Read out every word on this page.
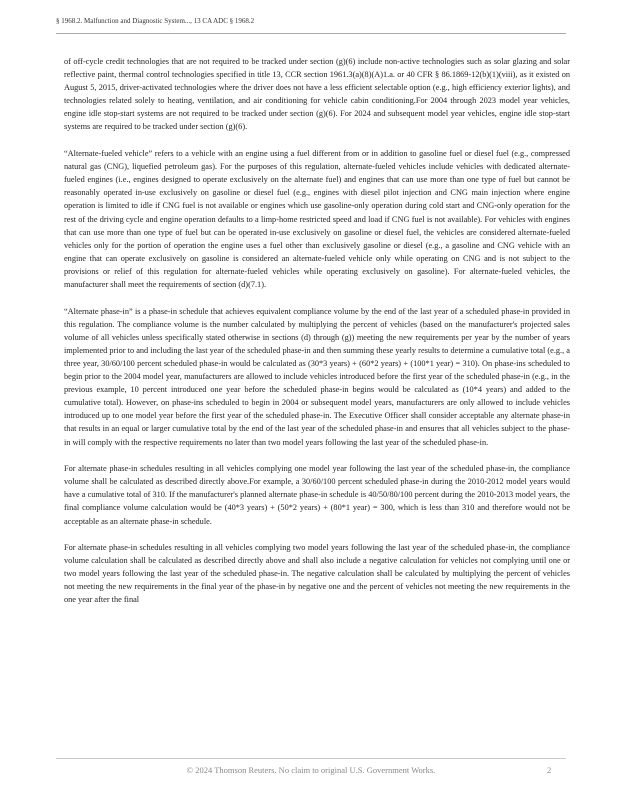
§ 1968.2. Malfunction and Diagnostic System..., 13 CA ADC § 1968.2

of off-cycle credit technologies that are not required to be tracked under section (g)(6) include non-active technologies such as solar glazing and solar reflective paint, thermal control technologies specified in title 13, CCR section 1961.3(a)(8)(A)1.a. or 40 CFR § 86.1869-12(b)(1)(viii), as it existed on August 5, 2015, driver-activated technologies where the driver does not have a less efficient selectable option (e.g., high efficiency exterior lights), and technologies related solely to heating, ventilation, and air conditioning for vehicle cabin conditioning.For 2004 through 2023 model year vehicles, engine idle stop-start systems are not required to be tracked under section (g)(6). For 2024 and subsequent model year vehicles, engine idle stop-start systems are required to be tracked under section (g)(6).

“Alternate-fueled vehicle” refers to a vehicle with an engine using a fuel different from or in addition to gasoline fuel or diesel fuel (e.g., compressed natural gas (CNG), liquefied petroleum gas). For the purposes of this regulation, alternate-fueled vehicles include vehicles with dedicated alternate-fueled engines (i.e., engines designed to operate exclusively on the alternate fuel) and engines that can use more than one type of fuel but cannot be reasonably operated in-use exclusively on gasoline or diesel fuel (e.g., engines with diesel pilot injection and CNG main injection where engine operation is limited to idle if CNG fuel is not available or engines which use gasoline-only operation during cold start and CNG-only operation for the rest of the driving cycle and engine operation defaults to a limp-home restricted speed and load if CNG fuel is not available). For vehicles with engines that can use more than one type of fuel but can be operated in-use exclusively on gasoline or diesel fuel, the vehicles are considered alternate-fueled vehicles only for the portion of operation the engine uses a fuel other than exclusively gasoline or diesel (e.g., a gasoline and CNG vehicle with an engine that can operate exclusively on gasoline is considered an alternate-fueled vehicle only while operating on CNG and is not subject to the provisions or relief of this regulation for alternate-fueled vehicles while operating exclusively on gasoline). For alternate-fueled vehicles, the manufacturer shall meet the requirements of section (d)(7.1).

“Alternate phase-in” is a phase-in schedule that achieves equivalent compliance volume by the end of the last year of a scheduled phase-in provided in this regulation. The compliance volume is the number calculated by multiplying the percent of vehicles (based on the manufacturer's projected sales volume of all vehicles unless specifically stated otherwise in sections (d) through (g)) meeting the new requirements per year by the number of years implemented prior to and including the last year of the scheduled phase-in and then summing these yearly results to determine a cumulative total (e.g., a three year, 30/60/100 percent scheduled phase-in would be calculated as (30*3 years) + (60*2 years) + (100*1 year) = 310). On phase-ins scheduled to begin prior to the 2004 model year, manufacturers are allowed to include vehicles introduced before the first year of the scheduled phase-in (e.g., in the previous example, 10 percent introduced one year before the scheduled phase-in begins would be calculated as (10*4 years) and added to the cumulative total). However, on phase-ins scheduled to begin in 2004 or subsequent model years, manufacturers are only allowed to include vehicles introduced up to one model year before the first year of the scheduled phase-in. The Executive Officer shall consider acceptable any alternate phase-in that results in an equal or larger cumulative total by the end of the last year of the scheduled phase-in and ensures that all vehicles subject to the phase-in will comply with the respective requirements no later than two model years following the last year of the scheduled phase-in.

For alternate phase-in schedules resulting in all vehicles complying one model year following the last year of the scheduled phase-in, the compliance volume shall be calculated as described directly above.For example, a 30/60/100 percent scheduled phase-in during the 2010-2012 model years would have a cumulative total of 310. If the manufacturer's planned alternate phase-in schedule is 40/50/80/100 percent during the 2010-2013 model years, the final compliance volume calculation would be (40*3 years) + (50*2 years) + (80*1 year) = 300, which is less than 310 and therefore would not be acceptable as an alternate phase-in schedule.

For alternate phase-in schedules resulting in all vehicles complying two model years following the last year of the scheduled phase-in, the compliance volume calculation shall be calculated as described directly above and shall also include a negative calculation for vehicles not complying until one or two model years following the last year of the scheduled phase-in. The negative calculation shall be calculated by multiplying the percent of vehicles not meeting the new requirements in the final year of the phase-in by negative one and the percent of vehicles not meeting the new requirements in the one year after the final

© 2024 Thomson Reuters. No claim to original U.S. Government Works.	2
